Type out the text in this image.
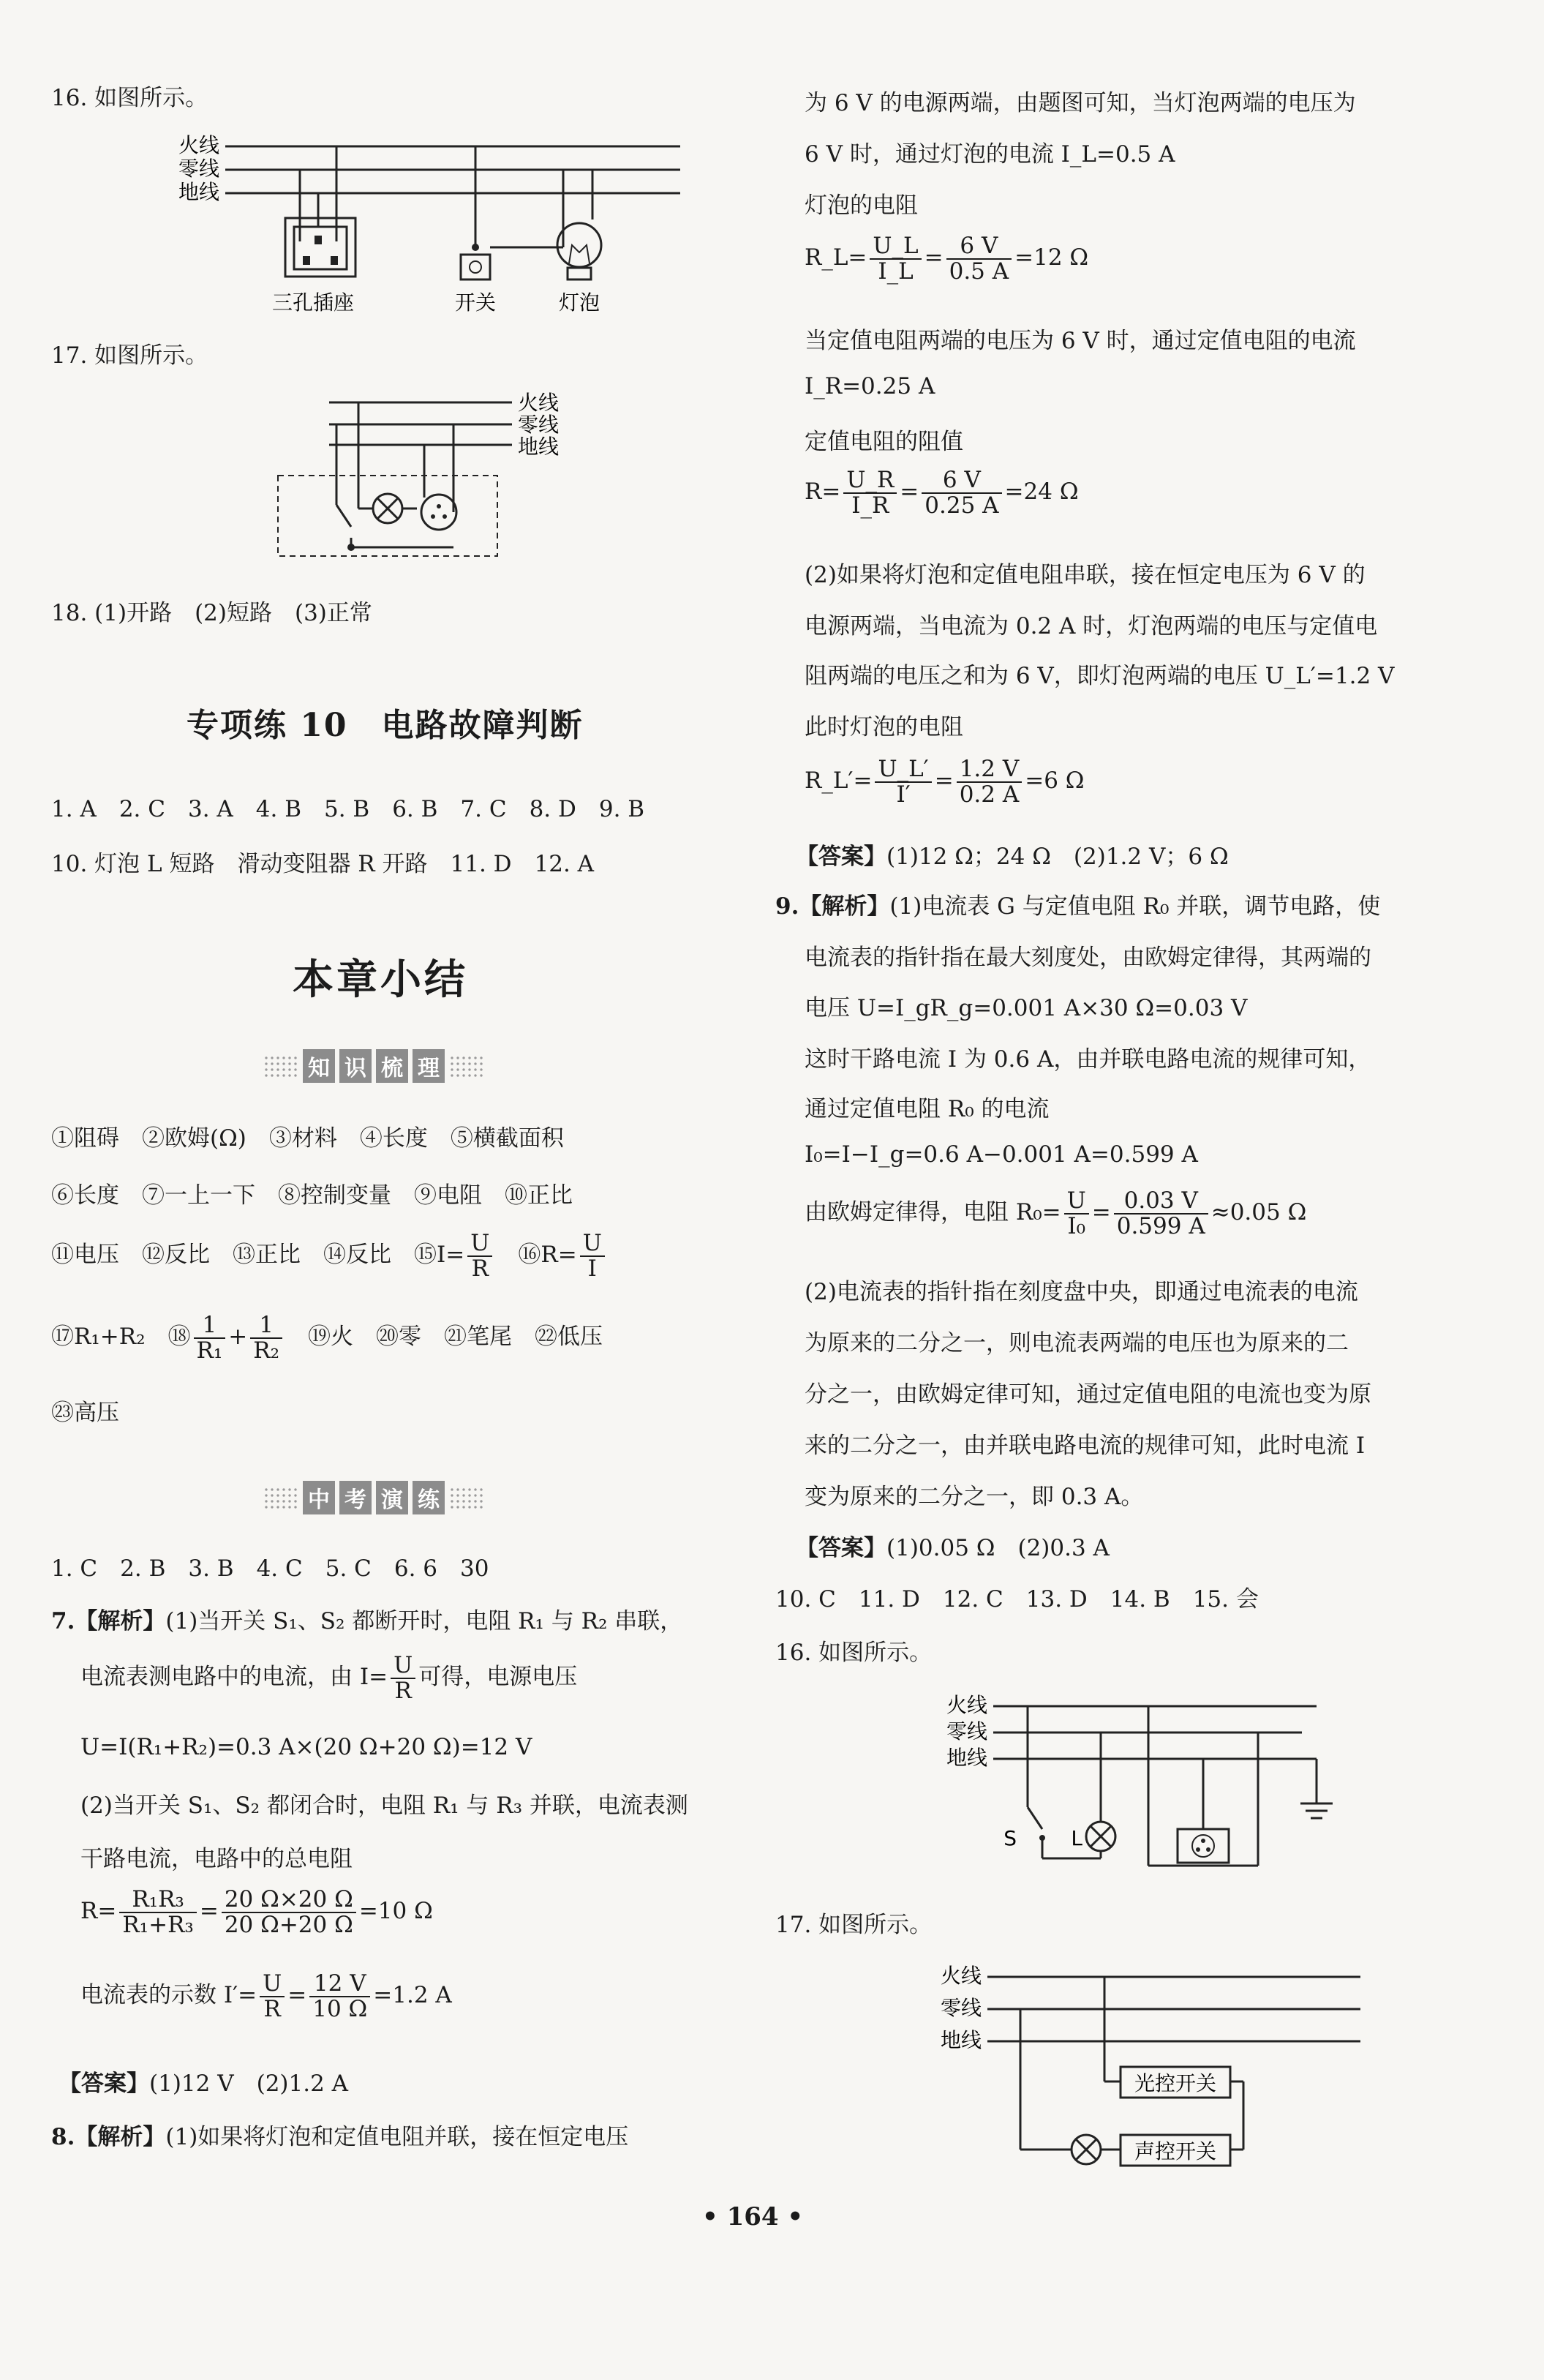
16. 如图所示。
火线
零线
地线
三孔插座	开关	灯泡
17. 如图所示。
火线
零线
地线
18. (1)开路　(2)短路　(3)正常
专项练 10　电路故障判断
1. A　2. C　3. A　4. B　5. B　6. B　7. C　8. D　9. B
10. 灯泡 L 短路　滑动变阻器 R 开路　11. D　12. A
本章小结
知 识 梳 理
①阻碍　②欧姆(Ω)　③材料　④长度　⑤横截面积
⑥长度　⑦一上一下　⑧控制变量　⑨电阻　⑩正比
⑪电压　⑫反比　⑬正比　⑭反比　⑮I= $\frac{U}{R}$
　 ⑯R= $\frac{U}{I}$
⑰R₁+R₂　⑱ $\frac{1}{\text{R₁}} + \frac{1}{\text{R₂}}$ 　⑲火　⑳零　㉑笔尾　㉒低压
㉓高压
中 考 演 练
1. C　2. B　3. B　4. C　5. C　6. 6　30
7.【解析】(1)当开关 S₁、S₂ 都断开时，电阻 R₁ 与 R₂ 串联，
电流表测电路中的电流，由 $I= \frac{U}{R}$ 可得，电源电压
U=I(R₁+R₂)=0.3 A×(20 Ω+20 Ω)=12 V
(2)当开关 S₁、S₂ 都闭合时，电阻 R₁ 与 R₃ 并联，电流表测
干路电流，电路中的总电阻
$R= \frac{\text{R₁R₃}}{\text{R₁+R₃}} = \frac{20 \Omega\times 20 \Omega}{20 \Omega+20 \Omega} =10$ Ω
电流表的示数 $I'= \frac{U}{R} = \frac{12 V}{10 \Omega} =1.2$ A
【答案】(1)12 V　(2)1.2 A
8.【解析】(1)如果将灯泡和定值电阻并联，接在恒定电压
为 6 V 的电源两端，由题图可知，当灯泡两端的电压为
6 V 时，通过灯泡的电流 I_L=0.5 A
灯泡的电阻
R_L= $\frac{U\_L}{I\_L} = \frac{6 V}{0.5 A} =12$ Ω
当定值电阻两端的电压为 6 V 时，通过定值电阻的电流
I_R=0.25 A
定值电阻的阻值
$R= \frac{U\_R}{I\_R} = \frac{6 V}{0.25 A} =24$ Ω
(2)如果将灯泡和定值电阻串联，接在恒定电压为 6 V 的
电源两端，当电流为 0.2 A 时，灯泡两端的电压与定值电
阻两端的电压之和为 6 V，即灯泡两端的电压 U_L′=1.2 V
此时灯泡的电阻
R_L′= $\frac{U\_L'}{I'} = \frac{1.2 V}{0.2 A} =6$ Ω
【答案】(1)12 Ω；24 Ω　(2)1.2 V；6 Ω
9.【解析】(1)电流表 G 与定值电阻 R₀ 并联，调节电路，使
电流表的指针指在最大刻度处，由欧姆定律得，其两端的
电压 U=I_gR_g=0.001 A×30 Ω=0.03 V
这时干路电流 I 为 0.6 A，由并联电路电流的规律可知，
通过定值电阻 R₀ 的电流
I₀=I−I_g=0.6 A−0.001 A=0.599 A
由欧姆定律得，电阻 $R_0= \frac{U}{\text{I₀}} = \frac{0.03 V}{0.599 A} \approx 0.05$ Ω
(2)电流表的指针指在刻度盘中央，即通过电流表的电流
为原来的二分之一，则电流表两端的电压也为原来的二
分之一，由欧姆定律可知，通过定值电阻的电流也变为原
来的二分之一，由并联电路电流的规律可知，此时电流 I
变为原来的二分之一，即 0.3 A。
【答案】(1)0.05 Ω　(2)0.3 A
10. C　11. D　12. C　13. D　14. B　15. 会
16. 如图所示。
火线
零线
地线
S	L
17. 如图所示。
火线
零线
地线
声控开关
光控开关
• 164 •
